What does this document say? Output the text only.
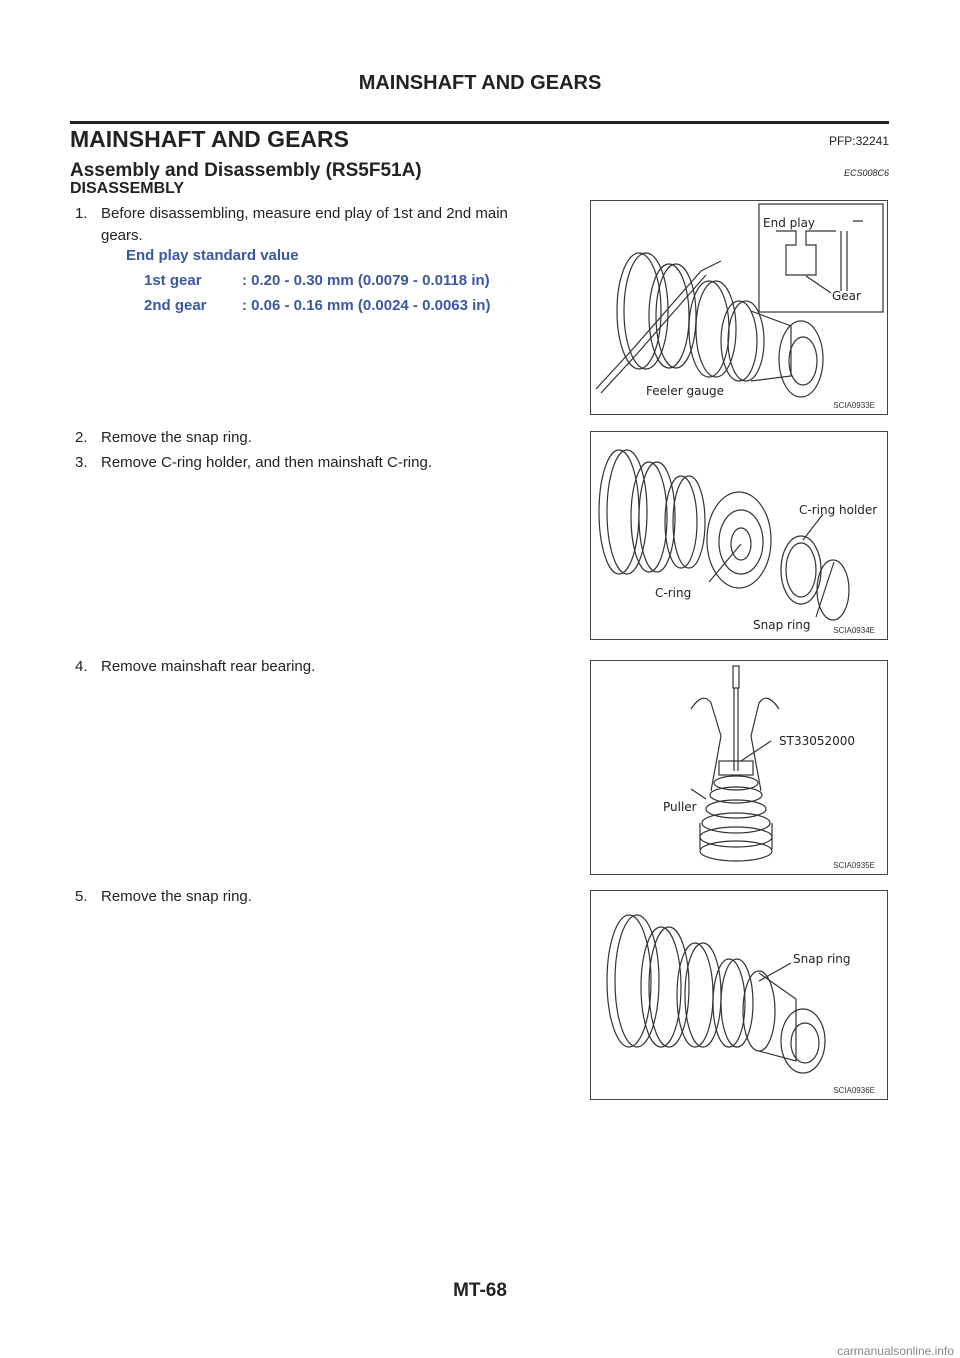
MAINSHAFT AND GEARS
MAINSHAFT AND GEARS	PFP:32241
Assembly and Disassembly (RS5F51A)	ECS008C6
DISASSEMBLY
1. Before disassembling, measure end play of 1st and 2nd main
gears.
End play standard value
1st gear	: 0.20 - 0.30 mm (0.0079 - 0.0118 in)
2nd gear : 0.06 - 0.16 mm (0.0024 - 0.0063 in)
2. Remove the snap ring.
3. Remove C-ring holder, and then mainshaft C-ring.
4. Remove mainshaft rear bearing.
5. Remove the snap ring.
End play
Gear
Feeler gauge
SCIA0933E
C-ring holder
C-ring
Snap ring	SCIA0934E
ST33052000
Puller
SCIA0935E
Snap ring
SCIA0936E
MT-68
carmanualsonline.info
